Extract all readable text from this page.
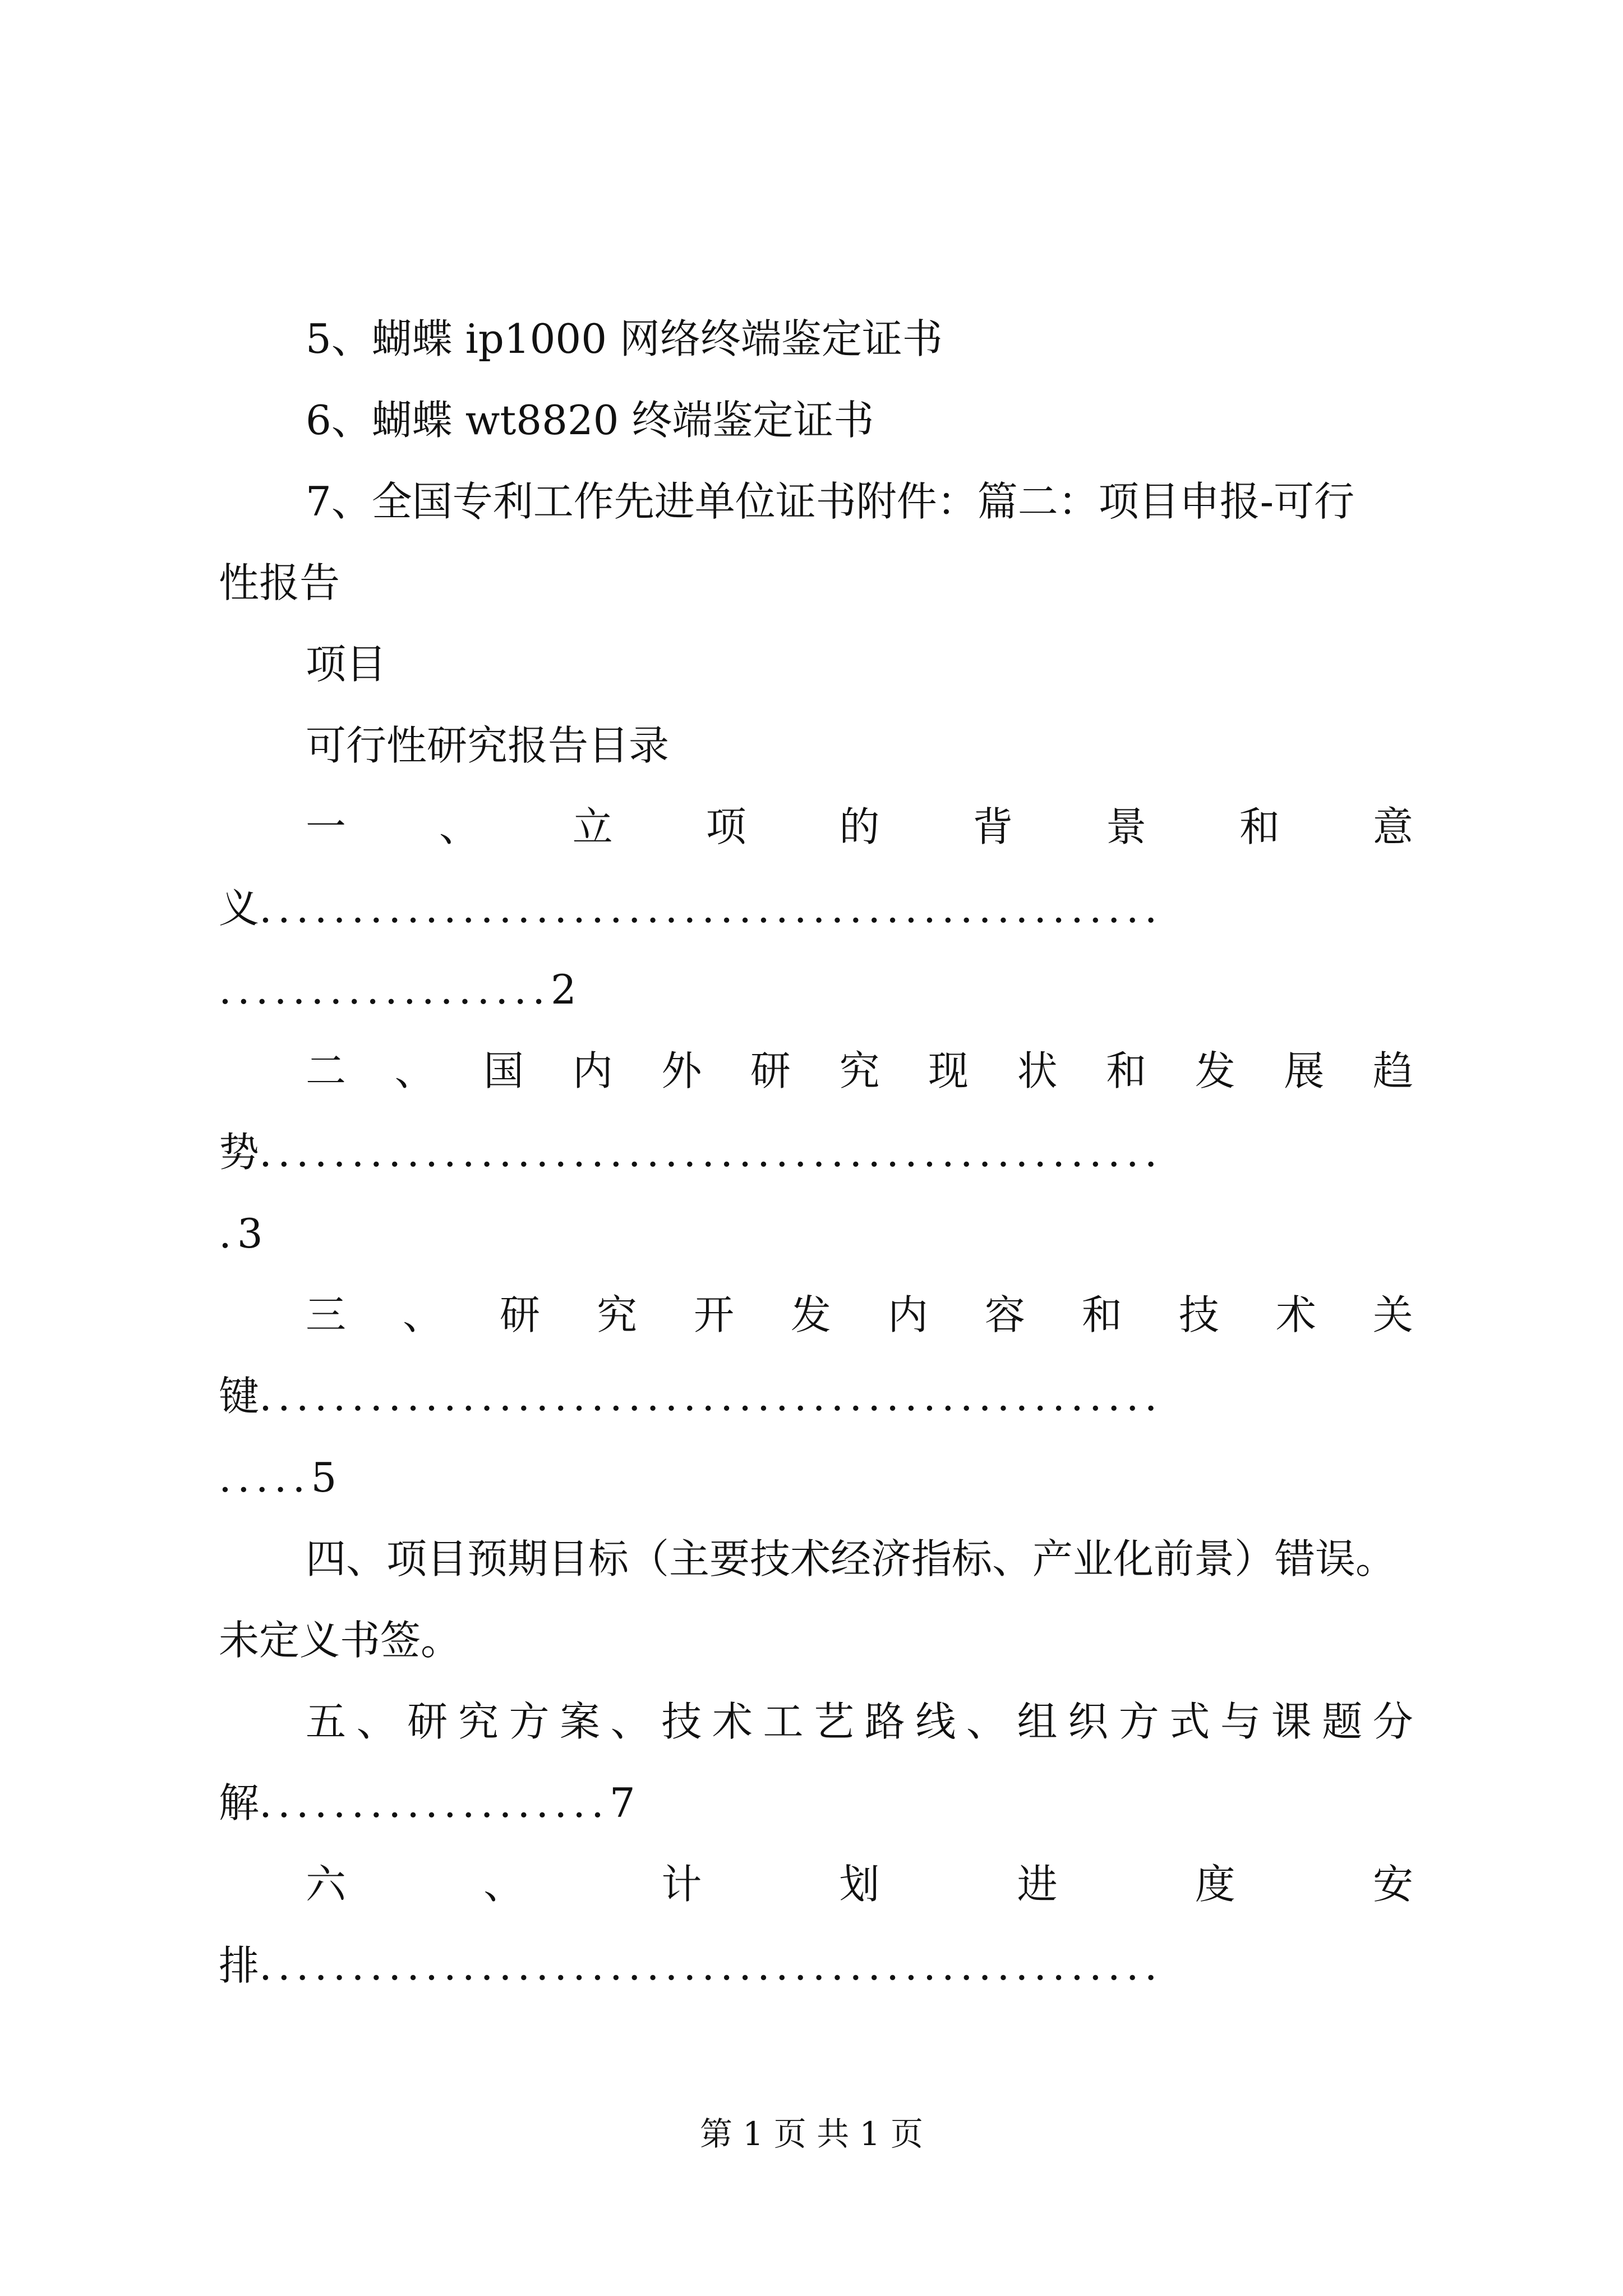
5、蝴蝶 ip1000 网络终端鉴定证书
6、蝴蝶 wt8820 终端鉴定证书
7、全国专利工作先进单位证书附件：篇二：项目申报-可行
性报告
项目
可行性研究报告目录
一 、 立 项 的 背 景 和 意
义.................................................
..................2
二 、 国 内 外 研 究 现 状 和 发 展 趋
势.................................................
.3
三 、 研 究 开 发 内 容 和 技 术 关
键.................................................
.....5
四、项目预期目标（主要技术经济指标、产业化前景）错误。
未定义书签。
五 、 研 究 方 案 、 技 术 工 艺 路 线 、 组 织 方 式 与 课 题 分
解...................7
六	、	计	划	进	度	安
排.................................................
第 1 页 共 1 页
